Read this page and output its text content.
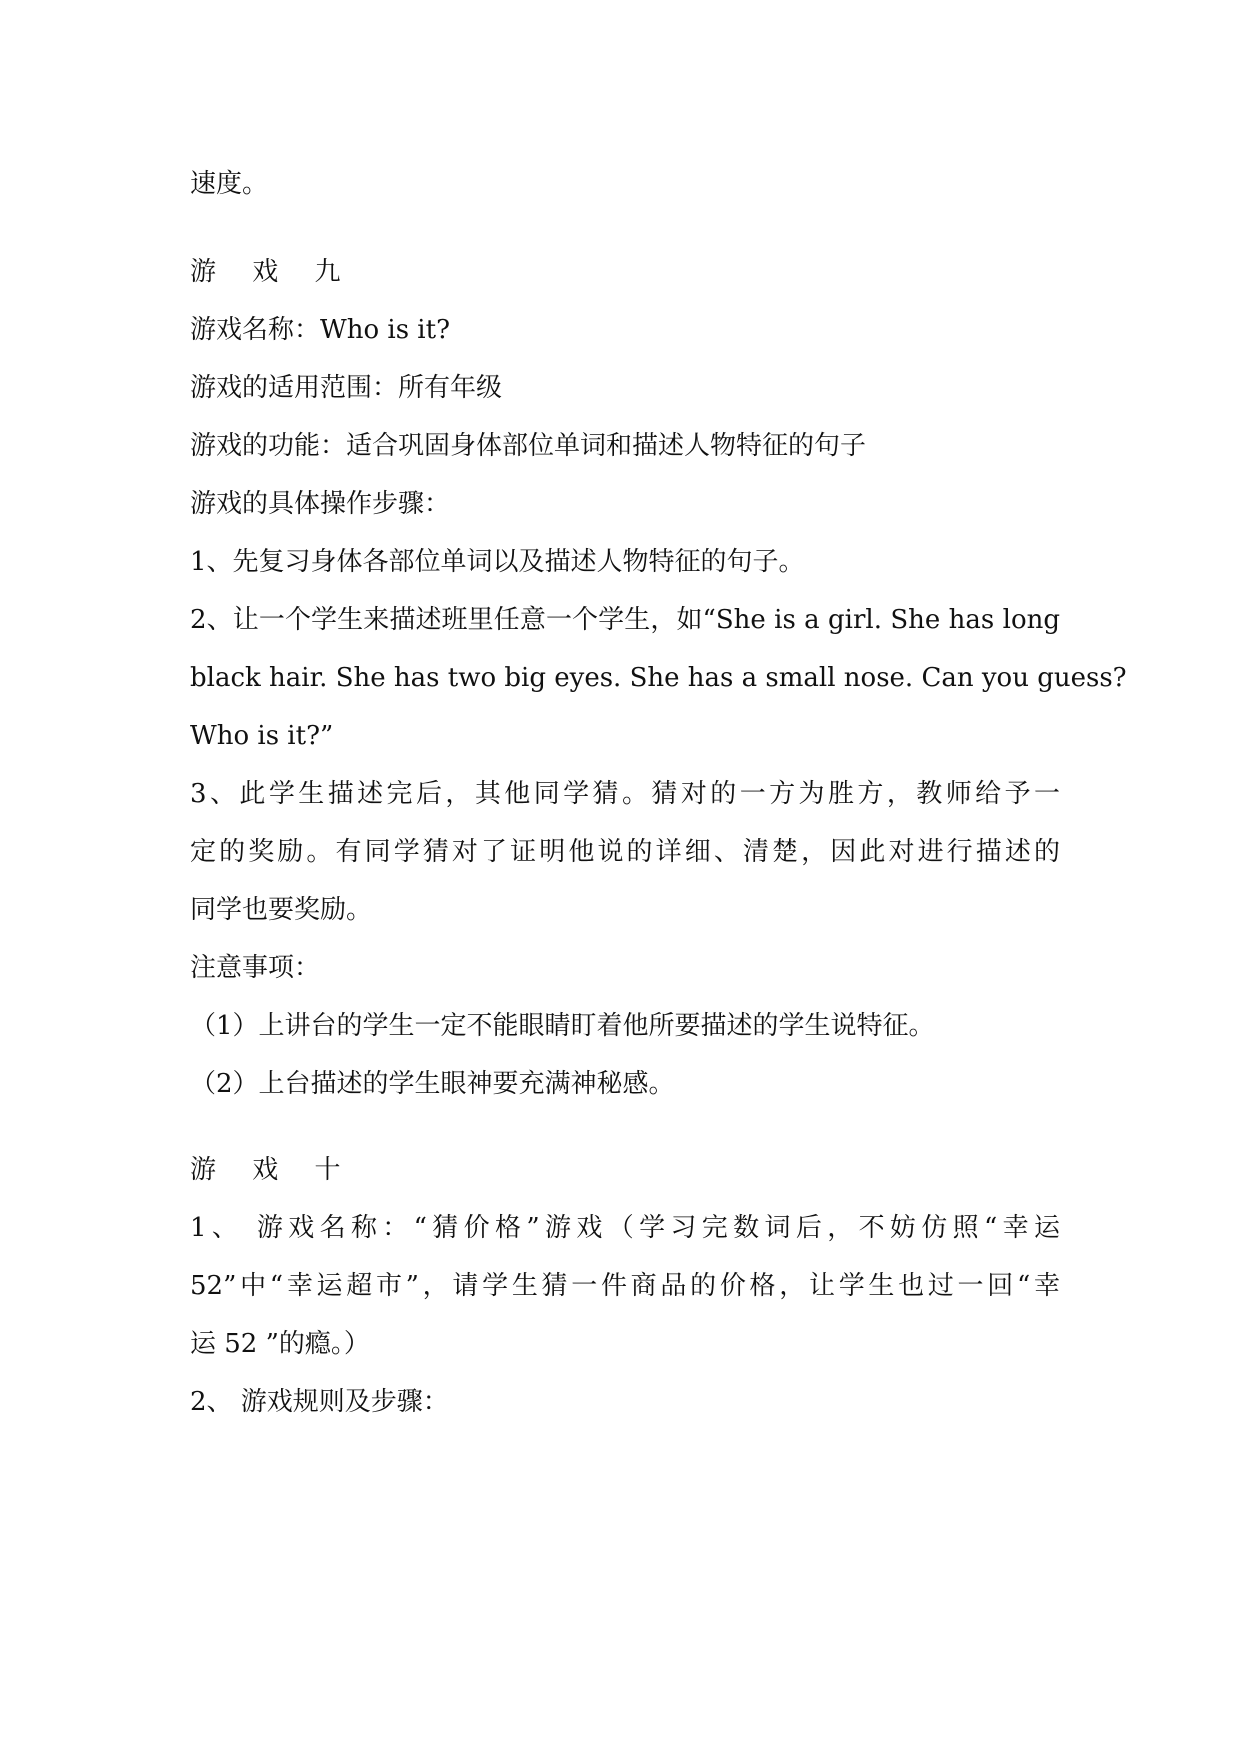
速度。
游 戏 九
游戏名称：Who is it?
游戏的适用范围：所有年级
游戏的功能：适合巩固身体部位单词和描述人物特征的句子
游戏的具体操作步骤：
1、先复习身体各部位单词以及描述人物特征的句子。
2、让一个学生来描述班里任意一个学生，如“She is a girl. She has long
black hair. She has two big eyes. She has a small nose. Can you guess?
Who is it?”
3、此学生描述完后，其他同学猜。猜对的一方为胜方，教师给予一
定的奖励。有同学猜对了证明他说的详细、清楚，因此对进行描述的
同学也要奖励。
注意事项：
（1）上讲台的学生一定不能眼睛盯着他所要描述的学生说特征。
（2）上台描述的学生眼神要充满神秘感。
游 戏 十
1、 游戏名称：“猜价格”游戏（学习完数词后，不妨仿照“幸运
52”中“幸运超市”，请学生猜一件商品的价格，让学生也过一回“幸
运 52 ”的瘾。）
2、 游戏规则及步骤：
